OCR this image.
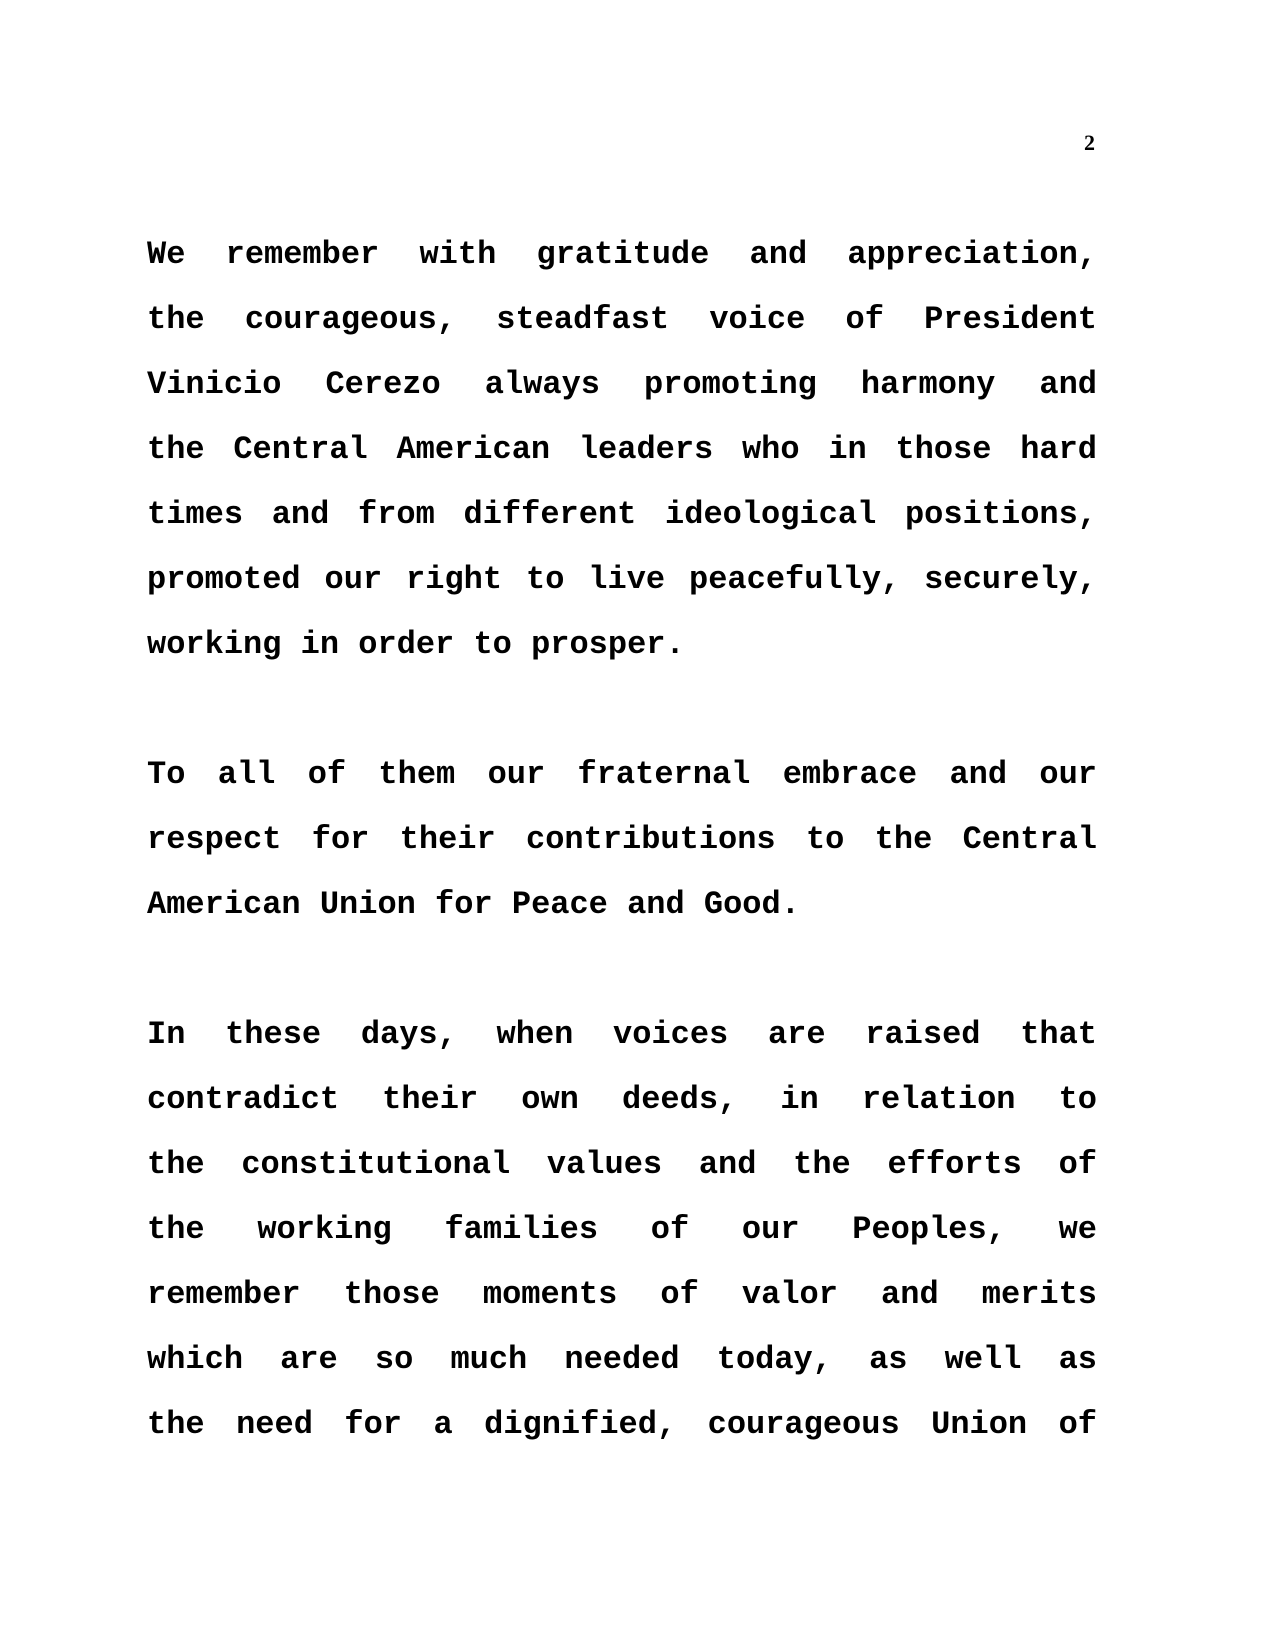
2
We remember with gratitude and appreciation,
the courageous, steadfast voice of President
Vinicio Cerezo always promoting harmony and
the Central American leaders who in those hard
times and from different ideological positions,
promoted our right to live peacefully, securely,
working in order to prosper.
To all of them our fraternal embrace and our
respect for their contributions to the Central
American Union for Peace and Good.
In these days, when voices are raised that
contradict their own deeds, in relation to
the constitutional values and the efforts of
the working families of our Peoples, we
remember those moments of valor and merits
which are so much needed today, as well as
the need for a dignified, courageous Union of
